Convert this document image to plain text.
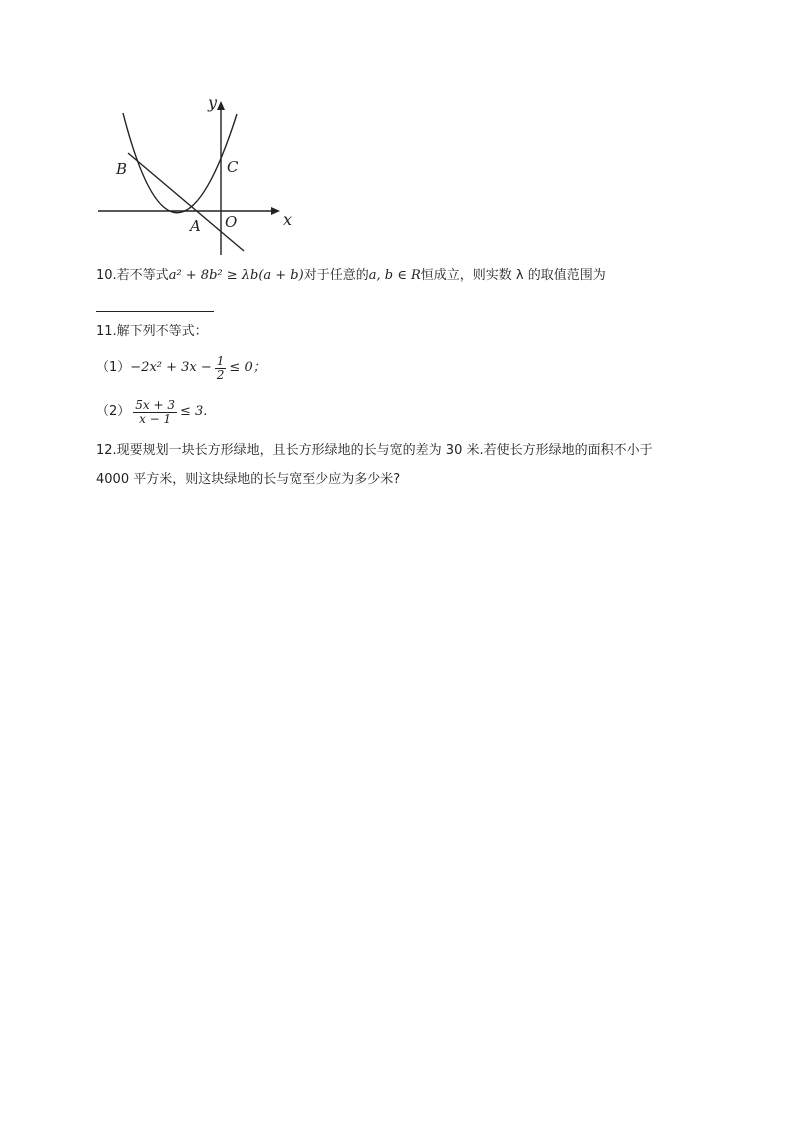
y
x
B	C
A O
10.若不等式a² + 8b² ≥ λb(a + b)对于任意的a, b ∈ R恒成立，则实数 λ 的取值范围为
11.解下列不等式：
$(1) -2x^2 + 3x - \frac{1}{2} \le 0$；
$(2) \frac{5x + 3}{x - 1} \le 3$.
12.现要规划一块长方形绿地，且长方形绿地的长与宽的差为 30 米.若使长方形绿地的面积不小于
4000 平方米，则这块绿地的长与宽至少应为多少米?
